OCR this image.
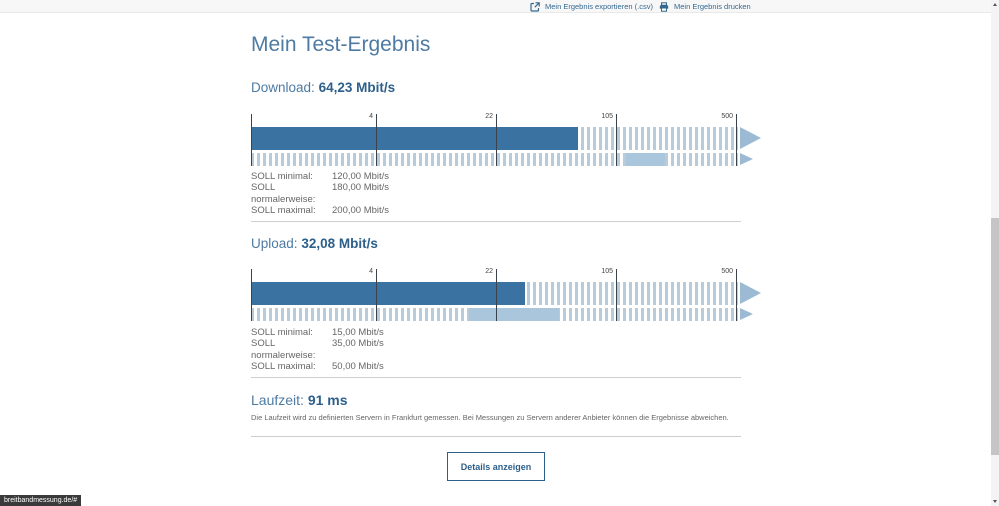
Mein Ergebnis exportieren (.csv)	Mein Ergebnis drucken
Mein Test-Ergebnis
Download: 64,23 Mbit/s
4	22	105	500
SOLL minimal:	120,00 Mbit/s
SOLL normalerweise:
180,00 Mbit/s
SOLL maximal:	200,00 Mbit/s
Upload: 32,08 Mbit/s
4	22	105	500
SOLL minimal:	15,00 Mbit/s
SOLL normalerweise:
35,00 Mbit/s
SOLL maximal:	50,00 Mbit/s
Laufzeit: 91 ms
Die Laufzeit wird zu definierten Servern in Frankfurt gemessen. Bei Messungen zu Servern anderer Anbieter können die Ergebnisse abweichen.
Details anzeigen
breitbandmessung.de/#
